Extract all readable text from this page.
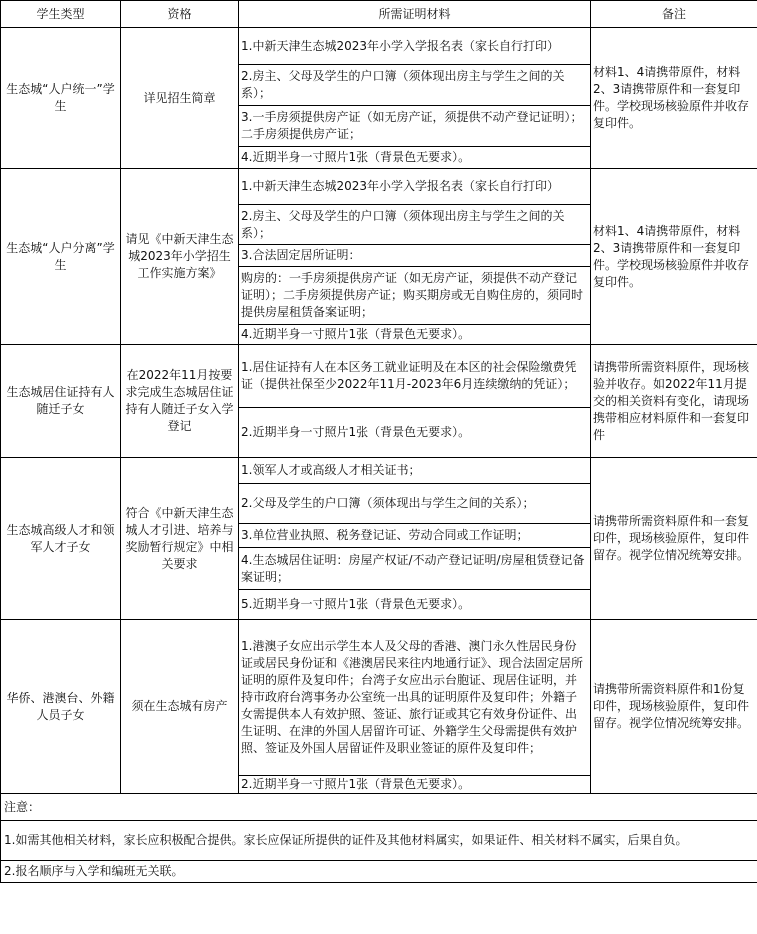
学生类型	资格	所需证明材料	备注
生态城“人户统一”学生	详见招生简章	1.中新天津生态城2023年小学入学报名表（家长自行打印）	材料1、4请携带原件，材料2、3请携带原件和一套复印件。学校现场核验原件并收存复印件。
		2.房主、父母及学生的户口簿（须体现出房主与学生之间的关系）；	
		3.一手房须提供房产证（如无房产证，须提供不动产登记证明）；二手房须提供房产证；	
		4.近期半身一寸照片1张（背景色无要求）。	
生态城“人户分离”学生	请见《中新天津生态城2023年小学招生工作实施方案》	1.中新天津生态城2023年小学入学报名表（家长自行打印）	材料1、4请携带原件，材料2、3请携带原件和一套复印件。学校现场核验原件并收存复印件。
		2.房主、父母及学生的户口簿（须体现出房主与学生之间的关系）；	
		3.合法固定居所证明：	
		购房的：一手房须提供房产证（如无房产证，须提供不动产登记证明）；二手房须提供房产证；购买期房或无自购住房的，须同时提供房屋租赁备案证明；	
		4.近期半身一寸照片1张（背景色无要求）。	
生态城居住证持有人随迁子女	在2022年11月按要求完成生态城居住证持有人随迁子女入学登记	1.居住证持有人在本区务工就业证明及在本区的社会保险缴费凭证（提供社保至少2022年11月-2023年6月连续缴纳的凭证）；	请携带所需资料原件，现场核验并收存。如2022年11月提交的相关资料有变化，请现场携带相应材料原件和一套复印件
		2.近期半身一寸照片1张（背景色无要求）。	
生态城高级人才和领军人才子女	符合《中新天津生态城人才引进、培养与奖励暂行规定》中相关要求	1.领军人才或高级人才相关证书；	请携带所需资料原件和一套复印件，现场核验原件，复印件留存。视学位情况统筹安排。
		2.父母及学生的户口簿（须体现出与学生之间的关系）；	
		3.单位营业执照、税务登记证、劳动合同或工作证明；	
		4.生态城居住证明：房屋产权证/不动产登记证明/房屋租赁登记备案证明；	
		5.近期半身一寸照片1张（背景色无要求）。	
华侨、港澳台、外籍人员子女	须在生态城有房产	1.港澳子女应出示学生本人及父母的香港、澳门永久性居民身份证或居民身份证和《港澳居民来往内地通行证》、现合法固定居所证明的原件及复印件；台湾子女应出示台胞证、现居住证明，并持市政府台湾事务办公室统一出具的证明原件及复印件；外籍子女需提供本人有效护照、签证、旅行证或其它有效身份证件、出生证明、在津的外国人居留许可证、外籍学生父母需提供有效护照、签证及外国人居留证件及职业签证的原件及复印件；	请携带所需资料原件和1份复印件，现场核验原件，复印件留存。视学位情况统筹安排。
		2.近期半身一寸照片1张（背景色无要求）。	
注意：			
1.如需其他相关材料，家长应积极配合提供。家长应保证所提供的证件及其他材料属实，如果证件、相关材料不属实，后果自负。			
2.报名顺序与入学和编班无关联。			
